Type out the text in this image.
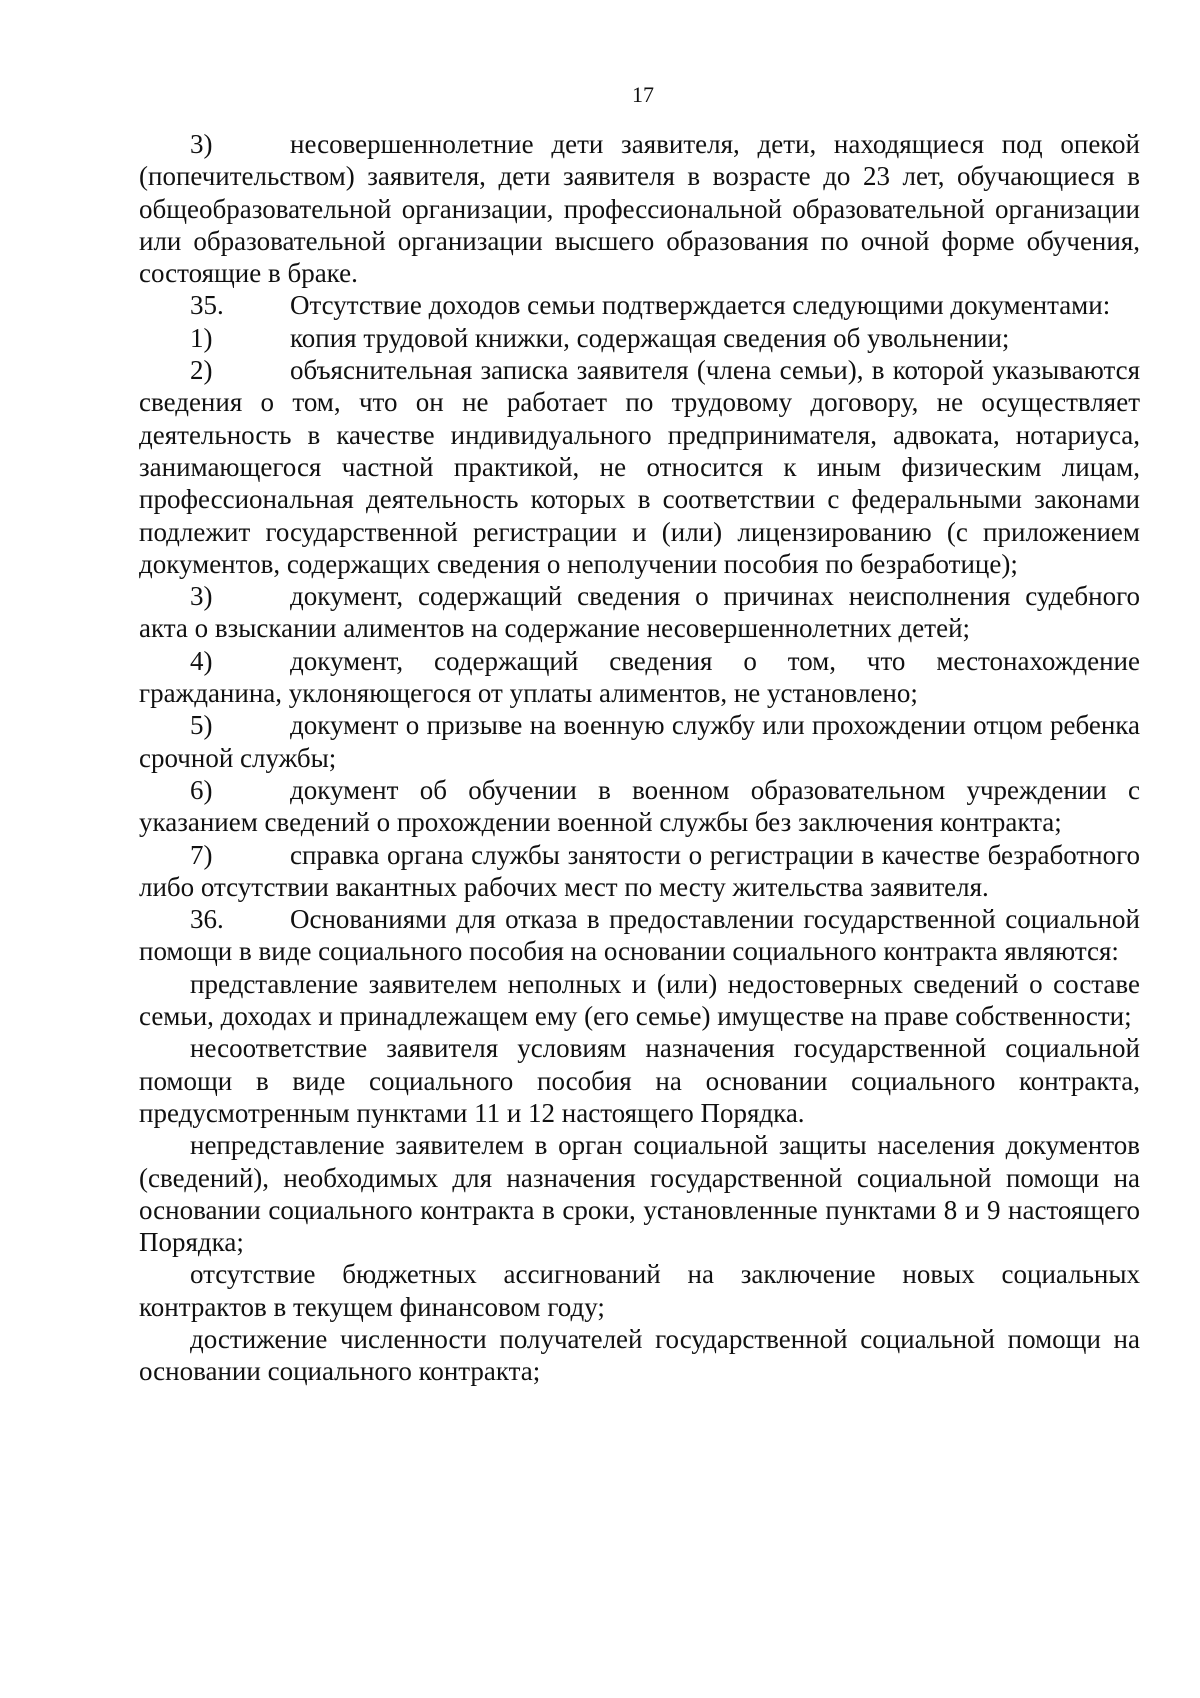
17

3)	несовершеннолетние дети заявителя, дети, находящиеся под опекой (попечительством) заявителя, дети заявителя в возрасте до 23 лет, обучающиеся в общеобразовательной организации, профессиональной образовательной организации или образовательной организации высшего образования по очной форме обучения, состоящие в браке.

35. Отсутствие доходов семьи подтверждается следующими документами:

1)	копия трудовой книжки, содержащая сведения об увольнении;

2)	объяснительная записка заявителя (члена семьи), в которой указываются сведения о том, что он не работает по трудовому договору, не осуществляет деятельность в качестве индивидуального предпринимателя, адвоката, нотариуса, занимающегося частной практикой, не относится к иным физическим лицам, профессиональная деятельность которых в соответствии с федеральными законами подлежит государственной регистрации и (или) лицензированию (с приложением документов, содержащих сведения о неполучении пособия по безработице);

3)	документ, содержащий сведения о причинах неисполнения судебного акта о взыскании алиментов на содержание несовершеннолетних детей;

4)	документ, содержащий сведения о том, что местонахождение гражданина, уклоняющегося от уплаты алиментов, не установлено;

5)	документ о призыве на военную службу или прохождении отцом ребенка срочной службы;

6)	документ об обучении в военном образовательном учреждении с указанием сведений о прохождении военной службы без заключения контракта;

7)	справка органа службы занятости о регистрации в качестве безработного либо отсутствии вакантных рабочих мест по месту жительства заявителя.

36. Основаниями для отказа в предоставлении государственной социальной помощи в виде социального пособия на основании социального контракта являются:

представление заявителем неполных и (или) недостоверных сведений о составе семьи, доходах и принадлежащем ему (его семье) имуществе на праве собственности;

несоответствие заявителя условиям назначения государственной социальной помощи в виде социального пособия на основании социального контракта, предусмотренным пунктами 11 и 12 настоящего Порядка.

непредставление заявителем в орган социальной защиты населения документов (сведений), необходимых для назначения государственной социальной помощи на основании социального контракта в сроки, установленные пунктами 8 и 9 настоящего Порядка;

отсутствие бюджетных ассигнований на заключение новых социальных контрактов в текущем финансовом году;

достижение численности получателей государственной социальной помощи на основании социального контракта;
